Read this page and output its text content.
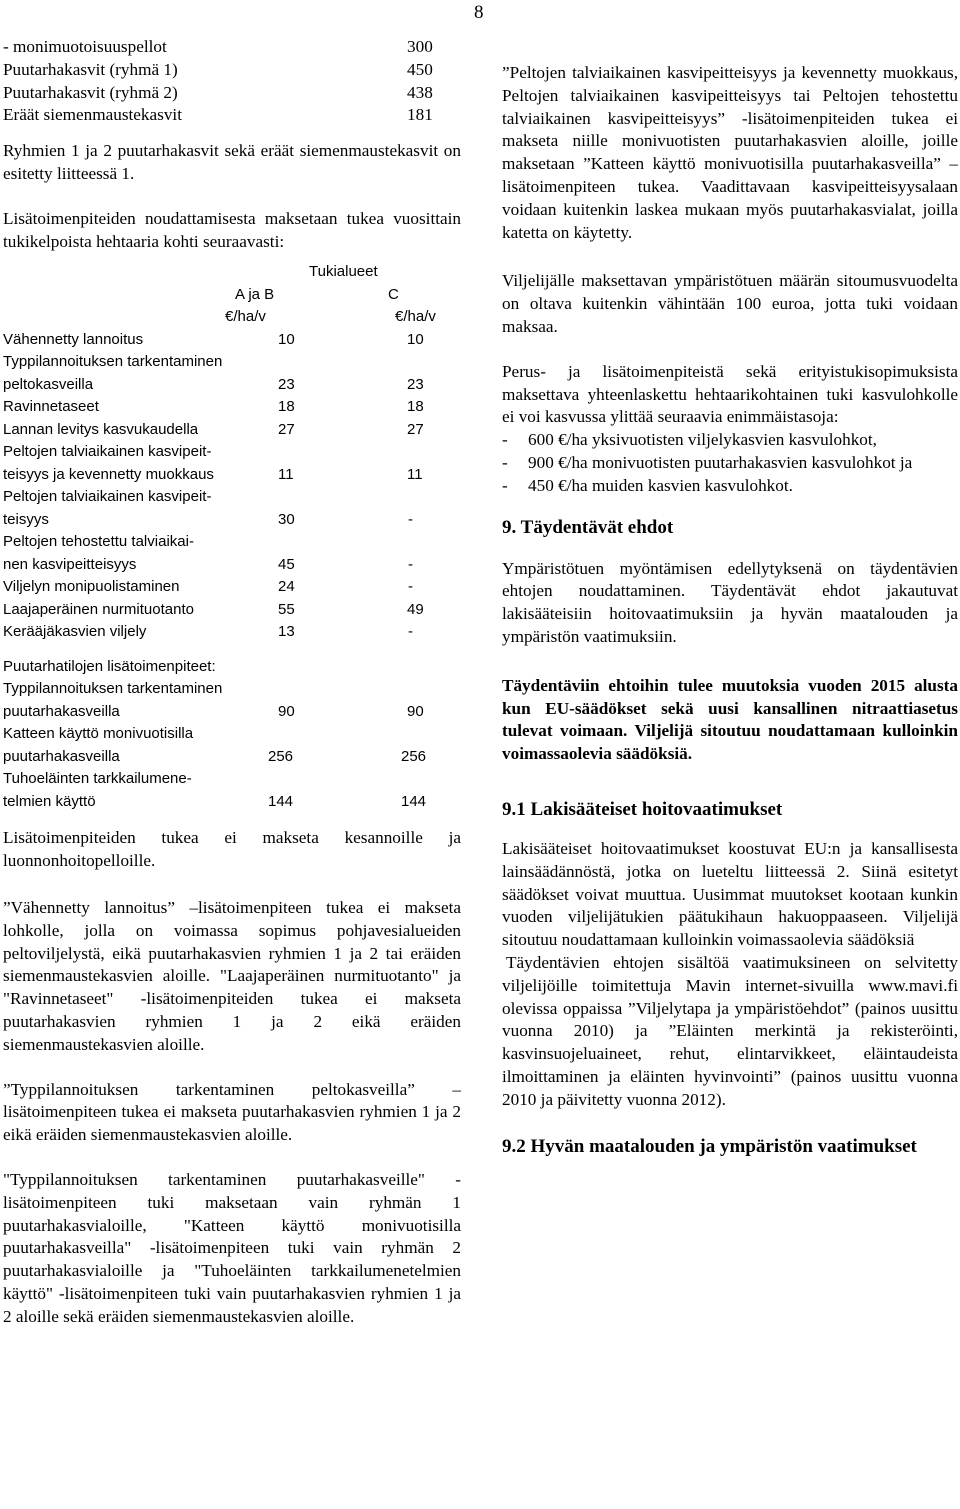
8
- monimuotoisuuspellot	300
Puutarhakasvit (ryhmä 1)	450
Puutarhakasvit (ryhmä 2)	438
Eräät siemenmaustekasvit	181
Ryhmien 1 ja 2 puutarhakasvit sekä eräät siemenmaustekasvit on esitetty liitteessä 1.
Lisätoimenpiteiden noudattamisesta maksetaan tukea vuosittain tukikelpoista hehtaaria kohti seuraavasti:
Tukialueet
A ja B	C
€/ha/v	€/ha/v
Vähennetty lannoitus	10	10
Typpilannoituksen tarkentaminen
peltokasveilla	23	23
Ravinnetaseet	18	18
Lannan levitys kasvukaudella	27	27
Peltojen talviaikainen kasvipeit-
teisyys ja kevennetty muokkaus	11	11
Peltojen talviaikainen kasvipeit-
teisyys	30	-
Peltojen tehostettu talviaikai-
nen kasvipeitteisyys	45	-
Viljelyn monipuolistaminen	24	-
Laajaperäinen nurmituotanto	55	49
Kerääjäkasvien viljely	13	-
Puutarhatilojen lisätoimenpiteet:
Typpilannoituksen tarkentaminen
puutarhakasveilla	90	90
Katteen käyttö monivuotisilla
puutarhakasveilla	256	256
Tuhoeläinten tarkkailumene-
telmien käyttö	144	144
Lisätoimenpiteiden tukea ei makseta kesannoille ja luonnonhoitopelloille.
”Vähennetty lannoitus” –lisätoimenpiteen tukea ei makseta lohkolle, jolla on voimassa sopimus pohjavesialueiden peltoviljelystä, eikä puutarhakasvien ryhmien 1 ja 2 tai eräiden siemenmaustekasvien aloille. "Laajaperäinen nurmituotanto" ja "Ravinnetaseet" -lisätoimenpiteiden tukea ei makseta puutarhakasvien ryhmien 1 ja 2 eikä eräiden siemenmaustekasvien aloille.
”Typpilannoituksen tarkentaminen peltokasveilla” –lisätoimenpiteen tukea ei makseta puutarhakasvien ryhmien 1 ja 2 eikä eräiden siemenmaustekasvien aloille.
"Typpilannoituksen tarkentaminen puutarhakasveille" -lisätoimenpiteen tuki maksetaan vain ryhmän 1 puutarhakasvialoille, "Katteen käyttö monivuotisilla puutarhakasveilla" -lisätoimenpiteen tuki vain ryhmän 2 puutarhakasvialoille ja "Tuhoeläinten tarkkailumenetelmien käyttö" -lisätoimenpiteen tuki vain puutarhakasvien ryhmien 1 ja 2 aloille sekä eräiden siemenmaustekasvien aloille.
”Peltojen talviaikainen kasvipeitteisyys ja kevennetty muokkaus, Peltojen talviaikainen kasvipeitteisyys tai Peltojen tehostettu talviaikainen kasvipeitteisyys” -lisätoimenpiteiden tukea ei makseta niille monivuotisten puutarhakasvien aloille, joille maksetaan ”Katteen käyttö monivuotisilla puutarhakasveilla” –lisätoimenpiteen tukea. Vaadittavaan kasvipeitteisyysalaan voidaan kuitenkin laskea mukaan myös puutarhakasvialat, joilla katetta on käytetty.
Viljelijälle maksettavan ympäristötuen määrän sitoumusvuodelta on oltava kuitenkin vähintään 100 euroa, jotta tuki voidaan maksaa.
Perus- ja lisätoimenpiteistä sekä erityistukisopimuksista maksettava yhteenlaskettu hehtaarikohtainen tuki kasvulohkolle ei voi kasvussa ylittää seuraavia enimmäistasoja:
- 600 €/ha yksivuotisten viljelykasvien kasvulohkot,
- 900 €/ha monivuotisten puutarhakasvien kasvulohkot ja
- 450 €/ha muiden kasvien kasvulohkot.
9. Täydentävät ehdot
Ympäristötuen myöntämisen edellytyksenä on täydentävien ehtojen noudattaminen. Täydentävät ehdot jakautuvat lakisääteisiin hoitovaatimuksiin ja hyvän maatalouden ja ympäristön vaatimuksiin.
Täydentäviin ehtoihin tulee muutoksia vuoden 2015 alusta kun EU-säädökset sekä uusi kansallinen nitraattiasetus tulevat voimaan. Viljelijä sitoutuu noudattamaan kulloinkin voimassaolevia säädöksiä.
9.1 Lakisääteiset hoitovaatimukset
Lakisääteiset hoitovaatimukset koostuvat EU:n ja kansallisesta lainsäädännöstä, jotka on lueteltu liitteessä 2. Siinä esitetyt säädökset voivat muuttua. Uusimmat muutokset kootaan kunkin vuoden viljelijätukien päätukihaun hakuoppaaseen. Viljelijä sitoutuu noudattamaan kulloinkin voimassaolevia säädöksiä
Täydentävien ehtojen sisältöä vaatimuksineen on selvitetty viljelijöille toimitettuja Mavin internet-sivuilla www.mavi.fi olevissa oppaissa ”Viljelytapa ja ympäristöehdot” (painos uusittu vuonna 2010) ja ”Eläinten merkintä ja rekisteröinti, kasvinsuojeluaineet, rehut, elintarvikkeet, eläintaudeista ilmoittaminen ja eläinten hyvinvointi” (painos uusittu vuonna 2010 ja päivitetty vuonna 2012).
9.2 Hyvän maatalouden ja ympäristön vaatimukset
